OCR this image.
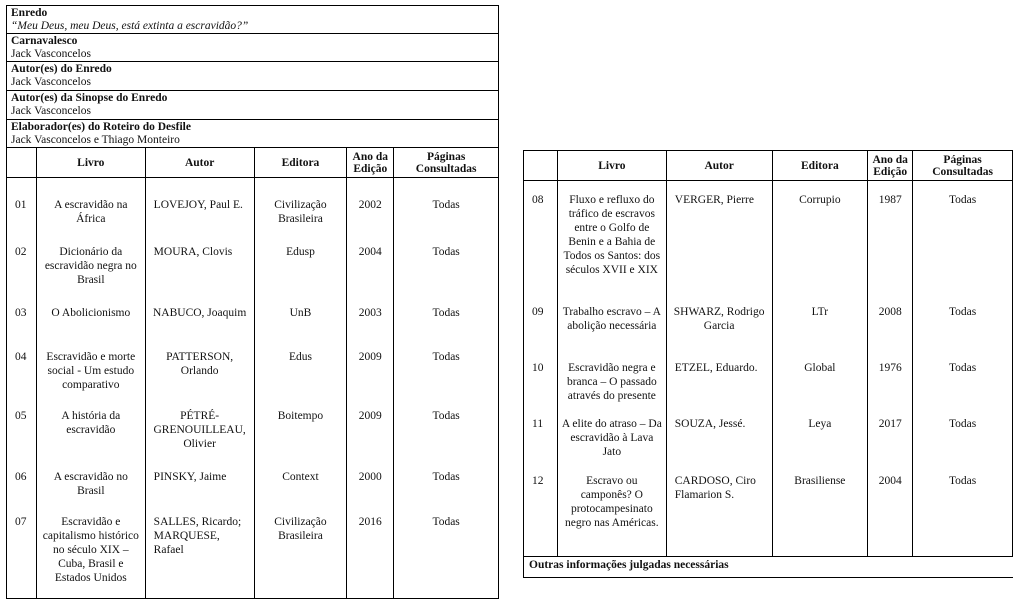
Enredo
“Meu Deus, meu Deus, está extinta a escravidão?”
Carnavalesco
Jack Vasconcelos
Autor(es) do Enredo
Jack Vasconcelos
Autor(es) da Sinopse do Enredo
Jack Vasconcelos
Elaborador(es) do Roteiro do Desfile
Jack Vasconcelos e Thiago Monteiro
	Livro	Autor	Editora	Ano da Edição	Páginas Consultadas

01	A escravidão na África	LOVEJOY, Paul E.	Civilização Brasileira	2002	Todas
02	Dicionário da escravidão negra no Brasil	MOURA, Clovis	Edusp	2004	Todas
03	O Abolicionismo	NABUCO, Joaquim	UnB	2003	Todas
04	Escravidão e morte social - Um estudo comparativo	PATTERSON, Orlando	Edus	2009	Todas
05	A história da escravidão	PÉTRÉ-GRENOUILLEAU, Olivier	Boitempo	2009	Todas
06	A escravidão no Brasil	PINSKY, Jaime	Context	2000	Todas
07	Escravidão e capitalismo histórico no século XIX – Cuba, Brasil e Estados Unidos	SALLES, Ricardo; MARQUESE, Rafael	Civilização Brasileira	2016	Todas
	Livro	Autor	Editora	Ano da Edição	Páginas Consultadas

08	Fluxo e refluxo do tráfico de escravos entre o Golfo de Benin e a Bahia de Todos os Santos: dos séculos XVII e XIX	VERGER, Pierre	Corrupio	1987	Todas
09	Trabalho escravo – A abolição necessária	SHWARZ, Rodrigo Garcia	LTr	2008	Todas
10	Escravidão negra e branca – O passado através do presente	ETZEL, Eduardo.	Global	1976	Todas
11	A elite do atraso – Da escravidão à Lava Jato	SOUZA, Jessé.	Leya	2017	Todas
12	Escravo ou camponês? O protocampesinato negro nas Américas.	CARDOSO, Ciro Flamarion S.	Brasiliense	2004	Todas
Outras informações julgadas necessárias
